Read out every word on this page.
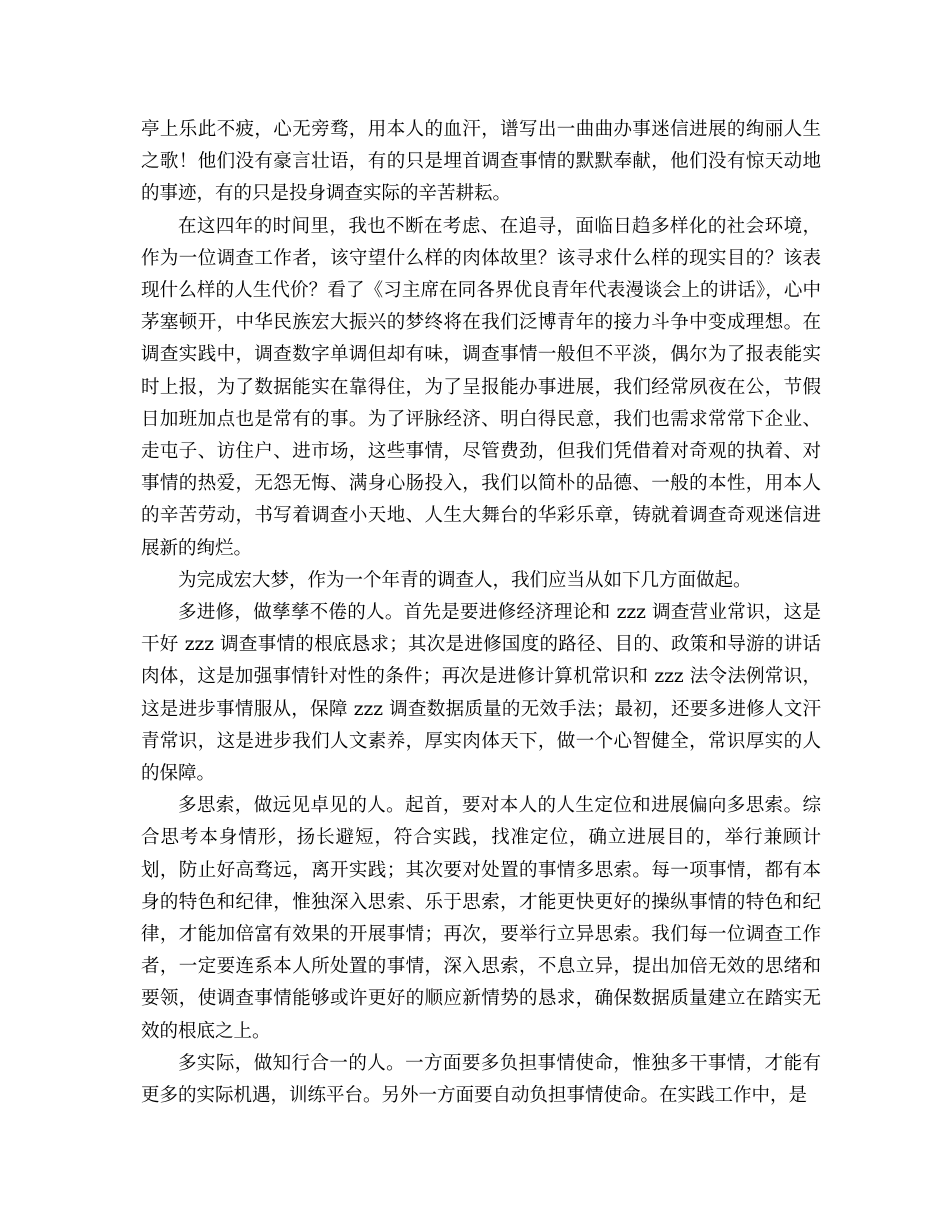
亭上乐此不疲，心无旁骛，用本人的血汗，谱写出一曲曲办事迷信进展的绚丽人生之歌！他们没有豪言壮语，有的只是埋首调查事情的默默奉献，他们没有惊天动地的事迹，有的只是投身调查实际的辛苦耕耘。

在这四年的时间里，我也不断在考虑、在追寻，面临日趋多样化的社会环境，作为一位调查工作者，该守望什么样的肉体故里？该寻求什么样的现实目的？该表现什么样的人生代价？看了《习主席在同各界优良青年代表漫谈会上的讲话》，心中茅塞顿开，中华民族宏大振兴的梦终将在我们泛博青年的接力斗争中变成理想。在调查实践中，调查数字单调但却有味，调查事情一般但不平淡，偶尔为了报表能实时上报，为了数据能实在靠得住，为了呈报能办事进展，我们经常夙夜在公，节假日加班加点也是常有的事。为了评脉经济、明白得民意，我们也需求常常下企业、走屯子、访住户、进市场，这些事情，尽管费劲，但我们凭借着对奇观的执着、对事情的热爱，无怨无悔、满身心肠投入，我们以简朴的品德、一般的本性，用本人的辛苦劳动，书写着调查小天地、人生大舞台的华彩乐章，铸就着调查奇观迷信进展新的绚烂。

为完成宏大梦，作为一个年青的调查人，我们应当从如下几方面做起。

多进修，做孳孳不倦的人。首先是要进修经济理论和 zzz 调查营业常识，这是干好 zzz 调查事情的根底恳求；其次是进修国度的路径、目的、政策和导游的讲话肉体，这是加强事情针对性的条件；再次是进修计算机常识和 zzz 法令法例常识，这是进步事情服从，保障 zzz 调查数据质量的无效手法；最初，还要多进修人文汗青常识，这是进步我们人文素养，厚实肉体天下，做一个心智健全，常识厚实的人的保障。

多思索，做远见卓见的人。起首，要对本人的人生定位和进展偏向多思索。综合思考本身情形，扬长避短，符合实践，找准定位，确立进展目的，举行兼顾计划，防止好高骛远，离开实践；其次要对处置的事情多思索。每一项事情，都有本身的特色和纪律，惟独深入思索、乐于思索，才能更快更好的操纵事情的特色和纪律，才能加倍富有效果的开展事情；再次，要举行立异思索。我们每一位调查工作者，一定要连系本人所处置的事情，深入思索，不息立异，提出加倍无效的思绪和要领，使调查事情能够或许更好的顺应新情势的恳求，确保数据质量建立在踏实无效的根底之上。

多实际，做知行合一的人。一方面要多负担事情使命，惟独多干事情，才能有更多的实际机遇，训练平台。另外一方面要自动负担事情使命。在实践工作中，是
